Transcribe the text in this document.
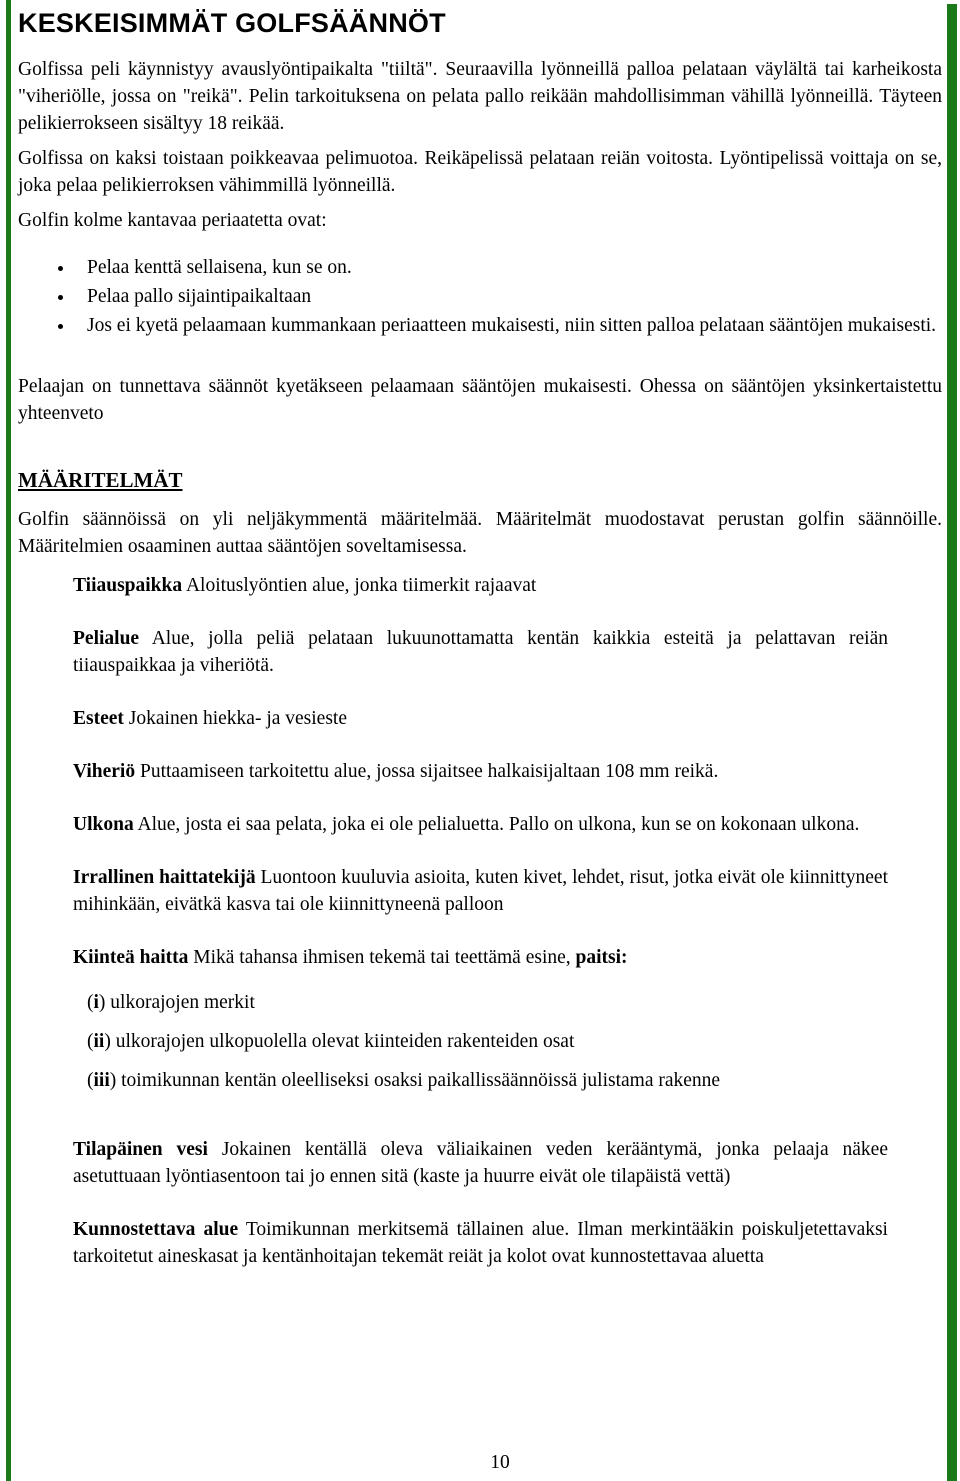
KESKEISIMMÄT GOLFSÄÄNNÖT

Golfissa peli käynnistyy avauslyöntipaikalta "tiiltä". Seuraavilla lyönneillä palloa pelataan väylältä tai karheikosta "viheriölle, jossa on "reikä". Pelin tarkoituksena on pelata pallo reikään mahdollisimman vähillä lyönneillä. Täyteen pelikierrokseen sisältyy 18 reikää.

Golfissa on kaksi toistaan poikkeavaa pelimuotoa. Reikäpelissä pelataan reiän voitosta. Lyöntipelissä voittaja on se, joka pelaa pelikierroksen vähimmillä lyönneillä.

Golfin kolme kantavaa periaatetta ovat:

Pelaa kenttä sellaisena, kun se on.
Pelaa pallo sijaintipaikaltaan
Jos ei kyetä pelaamaan kummankaan periaatteen mukaisesti, niin sitten palloa pelataan sääntöjen mukaisesti.

Pelaajan on tunnettava säännöt kyetäkseen pelaamaan sääntöjen mukaisesti. Ohessa on sääntöjen yksinkertaistettu yhteenveto

MÄÄRITELMÄT

Golfin säännöissä on yli neljäkymmentä määritelmää. Määritelmät muodostavat perustan golfin säännöille. Määritelmien osaaminen auttaa sääntöjen soveltamisessa.

Tiiauspaikka Aloituslyöntien alue, jonka tiimerkit rajaavat

Pelialue Alue, jolla peliä pelataan lukuunottamatta kentän kaikkia esteitä ja pelattavan reiän tiiauspaikkaa ja viheriötä.

Esteet Jokainen hiekka- ja vesieste

Viheriö Puttaamiseen tarkoitettu alue, jossa sijaitsee halkaisijaltaan 108 mm reikä.

Ulkona Alue, josta ei saa pelata, joka ei ole pelialuetta. Pallo on ulkona, kun se on kokonaan ulkona.

Irrallinen haittatekijä Luontoon kuuluvia asioita, kuten kivet, lehdet, risut, jotka eivät ole kiinnittyneet mihinkään, eivätkä kasva tai ole kiinnittyneenä palloon

Kiinteä haitta Mikä tahansa ihmisen tekemä tai teettämä esine, paitsi:

(i) ulkorajojen merkit
(ii) ulkorajojen ulkopuolella olevat kiinteiden rakenteiden osat
(iii) toimikunnan kentän oleelliseksi osaksi paikallissäännöissä julistama rakenne

Tilapäinen vesi Jokainen kentällä oleva väliaikainen veden kerääntymä, jonka pelaaja näkee asetuttuaan lyöntiasentoon tai jo ennen sitä (kaste ja huurre eivät ole tilapäistä vettä)

Kunnostettava alue Toimikunnan merkitsemä tällainen alue. Ilman merkintääkin poiskuljetettavaksi tarkoitetut aineskasat ja kentänhoitajan tekemät reiät ja kolot ovat kunnostettavaa aluetta

10
